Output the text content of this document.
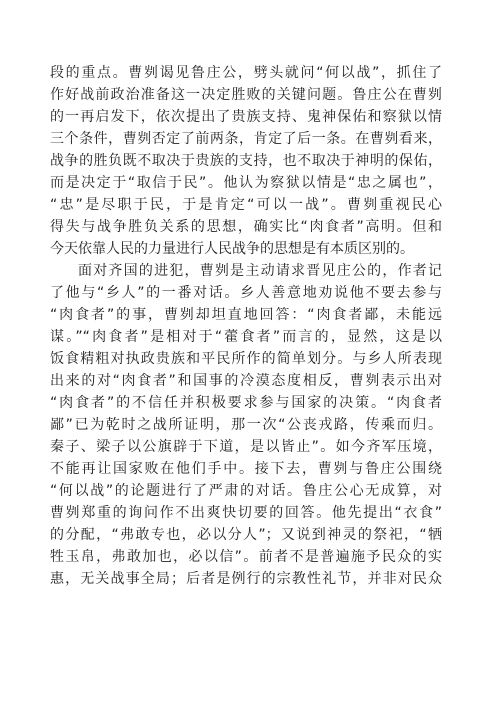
段的重点。曹刿谒见鲁庄公，劈头就问“何以战”，抓住了
作好战前政治准备这一决定胜败的关键问题。鲁庄公在曹刿
的一再启发下，依次提出了贵族支持、鬼神保佑和察狱以情
三个条件，曹刿否定了前两条，肯定了后一条。在曹刿看来，
战争的胜负既不取决于贵族的支持，也不取决于神明的保佑，
而是决定于“取信于民”。他认为察狱以情是“忠之属也”，
“忠”是尽职于民，于是肯定“可以一战”。曹刿重视民心
得失与战争胜负关系的思想，确实比“肉食者”高明。但和
今天依靠人民的力量进行人民战争的思想是有本质区别的。
面对齐国的进犯，曹刿是主动请求晋见庄公的，作者记
了他与“乡人”的一番对话。乡人善意地劝说他不要去参与
“肉食者”的事，曹刿却坦直地回答：“肉食者鄙，未能远
谋。”“肉食者”是相对于“藿食者”而言的，显然，这是以
饭食精粗对执政贵族和平民所作的简单划分。与乡人所表现
出来的对“肉食者”和国事的冷漠态度相反，曹刿表示出对
“肉食者”的不信任并积极要求参与国家的决策。“肉食者
鄙”已为乾时之战所证明，那一次“公丧戎路，传乘而归。
秦子、梁子以公旗辟于下道，是以皆止”。如今齐军压境，
不能再让国家败在他们手中。接下去，曹刿与鲁庄公围绕
“何以战”的论题进行了严肃的对话。鲁庄公心无成算，对
曹刿郑重的询问作不出爽快切要的回答。他先提出“衣食”
的分配，“弗敢专也，必以分人”；又说到神灵的祭祀，“牺
牲玉帛，弗敢加也，必以信”。前者不是普遍施予民众的实
惠，无关战事全局；后者是例行的宗教性礼节，并非对民众
